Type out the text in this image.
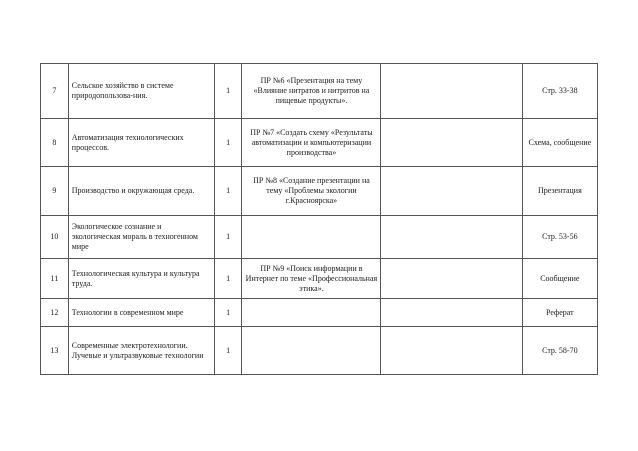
7	Сельское хозяйство в системе природопользова-ния.	1	ПР №6 «Презентация на тему «Влияние нитратов и нитритов на пищевые продукты».		Стр. 33-38
8	Автоматизация технологических процессов.	1	ПР №7 «Создать схему «Результаты автоматизации и компьютеризации производства»		Схема, сообщение
9	Производство и окружающая среда.	1	ПР №8 «Создание презентации на тему «Проблемы экологии г.Красноярска»		Презентация
10	Экологическое сознание и экологическая мораль в техногенном мире	1			Стр. 53-56
11	Технологическая культура и культура труда.	1	ПР №9 «Поиск информации в Интернет по теме «Профессиональная этика».		Сообщение
12	Технологии в современном мире	1			Реферат
13	Современные электротехнологии. Лучевые и ультразвуковые технологии	1			Стр. 58-70
